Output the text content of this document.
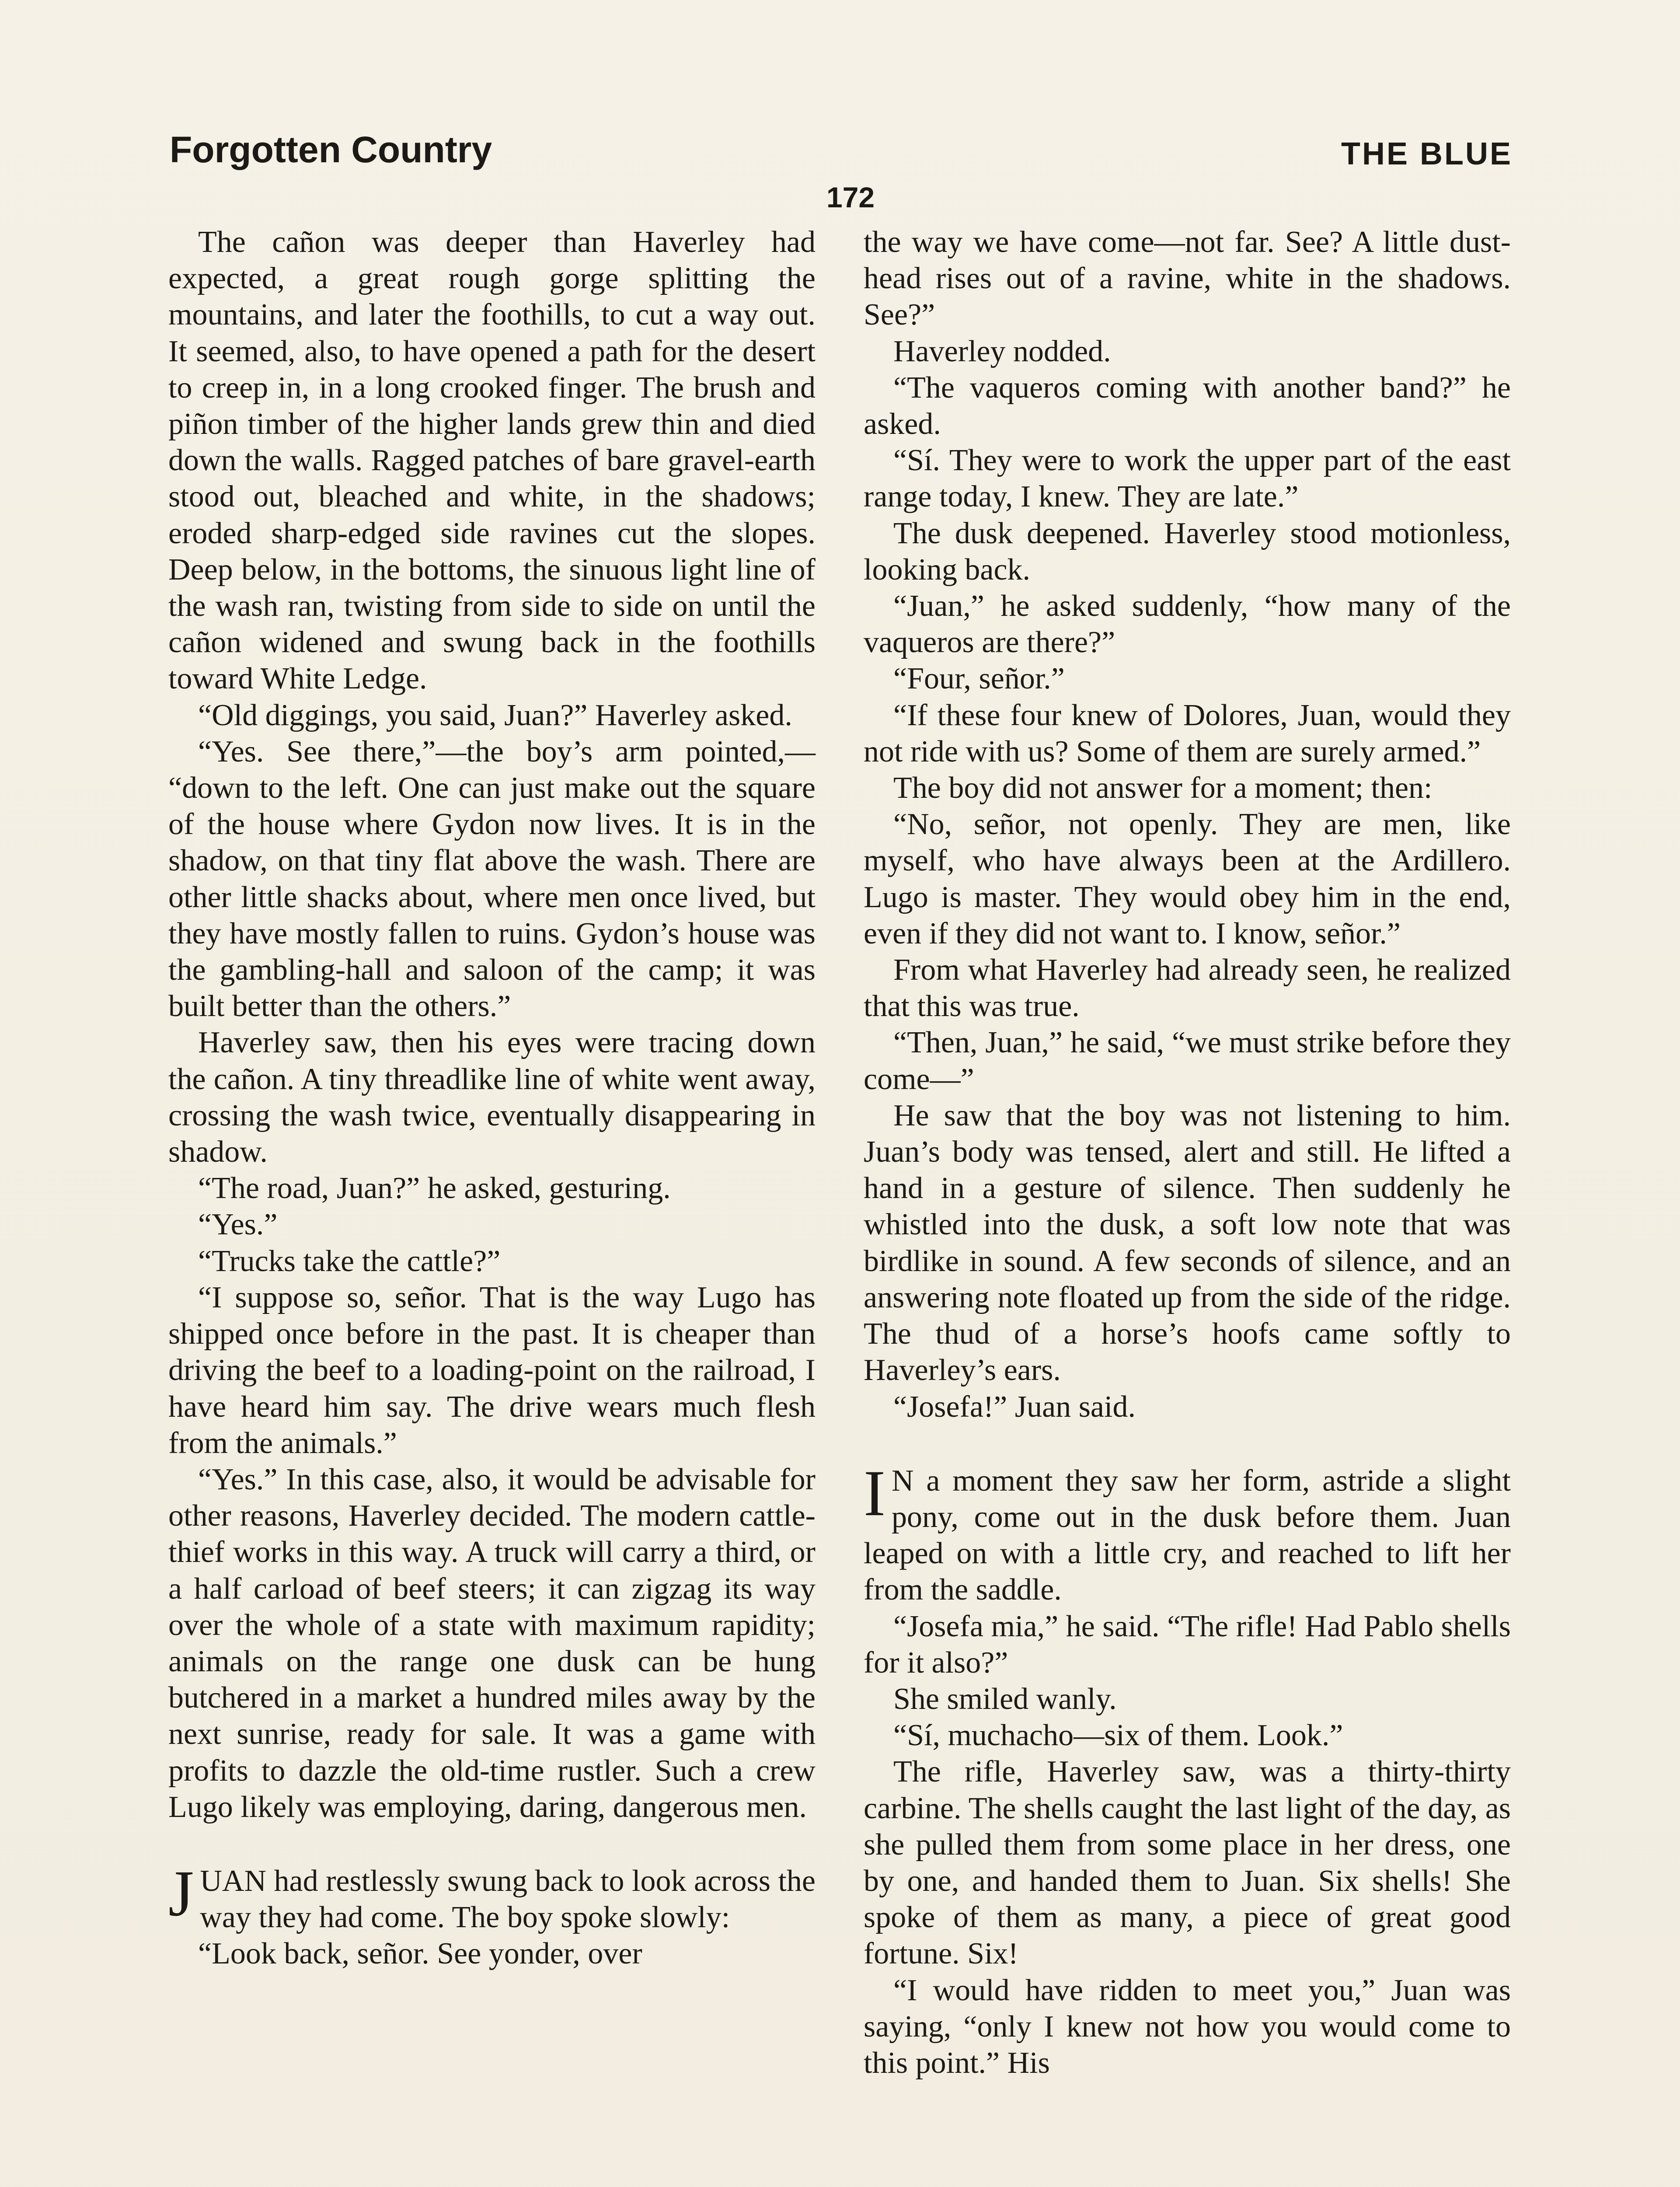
Forgotten Country	THE BLUE
172

The cañon was deeper than Haverley had expected, a great rough gorge splitting the mountains, and later the foothills, to cut a way out. It seemed, also, to have opened a path for the desert to creep in, in a long crooked finger. The brush and piñon timber of the higher lands grew thin and died down the walls. Ragged patches of bare gravel-earth stood out, bleached and white, in the shadows; eroded sharp-edged side ravines cut the slopes. Deep below, in the bottoms, the sinuous light line of the wash ran, twisting from side to side on until the cañon widened and swung back in the foothills toward White Ledge.

“Old diggings, you said, Juan?” Haverley asked.

“Yes. See there,”—the boy’s arm pointed,— “down to the left. One can just make out the square of the house where Gydon now lives. It is in the shadow, on that tiny flat above the wash. There are other little shacks about, where men once lived, but they have mostly fallen to ruins. Gydon’s house was the gambling-hall and saloon of the camp; it was built better than the others.”

Haverley saw, then his eyes were tracing down the cañon. A tiny threadlike line of white went away, crossing the wash twice, eventually disappearing in shadow.

“The road, Juan?” he asked, gesturing.

“Yes.”

“Trucks take the cattle?”

“I suppose so, señor. That is the way Lugo has shipped once before in the past. It is cheaper than driving the beef to a loading-point on the railroad, I have heard him say. The drive wears much flesh from the animals.”

“Yes.” In this case, also, it would be advisable for other reasons, Haverley decided. The modern cattle-thief works in this way. A truck will carry a third, or a half carload of beef steers; it can zigzag its way over the whole of a state with maximum rapidity; animals on the range one dusk can be hung butchered in a market a hundred miles away by the next sunrise, ready for sale. It was a game with profits to dazzle the old-time rustler. Such a crew Lugo likely was employing, daring, dangerous men.

JUAN had restlessly swung back to look across the way they had come. The boy spoke slowly:

“Look back, señor. See yonder, over

the way we have come—not far. See? A little dust-head rises out of a ravine, white in the shadows. See?”

Haverley nodded.

“The vaqueros coming with another band?” he asked.

“Sí. They were to work the upper part of the east range today, I knew. They are late.”

The dusk deepened. Haverley stood motionless, looking back.

“Juan,” he asked suddenly, “how many of the vaqueros are there?”

“Four, señor.”

“If these four knew of Dolores, Juan, would they not ride with us? Some of them are surely armed.”

The boy did not answer for a moment; then:

“No, señor, not openly. They are men, like myself, who have always been at the Ardillero. Lugo is master. They would obey him in the end, even if they did not want to. I know, señor.”

From what Haverley had already seen, he realized that this was true.

“Then, Juan,” he said, “we must strike before they come—”

He saw that the boy was not listening to him. Juan’s body was tensed, alert and still. He lifted a hand in a gesture of silence. Then suddenly he whistled into the dusk, a soft low note that was birdlike in sound. A few seconds of silence, and an answering note floated up from the side of the ridge. The thud of a horse’s hoofs came softly to Haverley’s ears.

“Josefa!” Juan said.

I N a moment they saw her form, astride a slight pony, come out in the dusk before them. Juan leaped on with a little cry, and reached to lift her from the saddle.

“Josefa mia,” he said. “The rifle! Had Pablo shells for it also?”

She smiled wanly.

“Sí, muchacho—six of them. Look.”

The rifle, Haverley saw, was a thirty-thirty carbine. The shells caught the last light of the day, as she pulled them from some place in her dress, one by one, and handed them to Juan. Six shells! She spoke of them as many, a piece of great good fortune. Six!

“I would have ridden to meet you,” Juan was saying, “only I knew not how you would come to this point.” His
